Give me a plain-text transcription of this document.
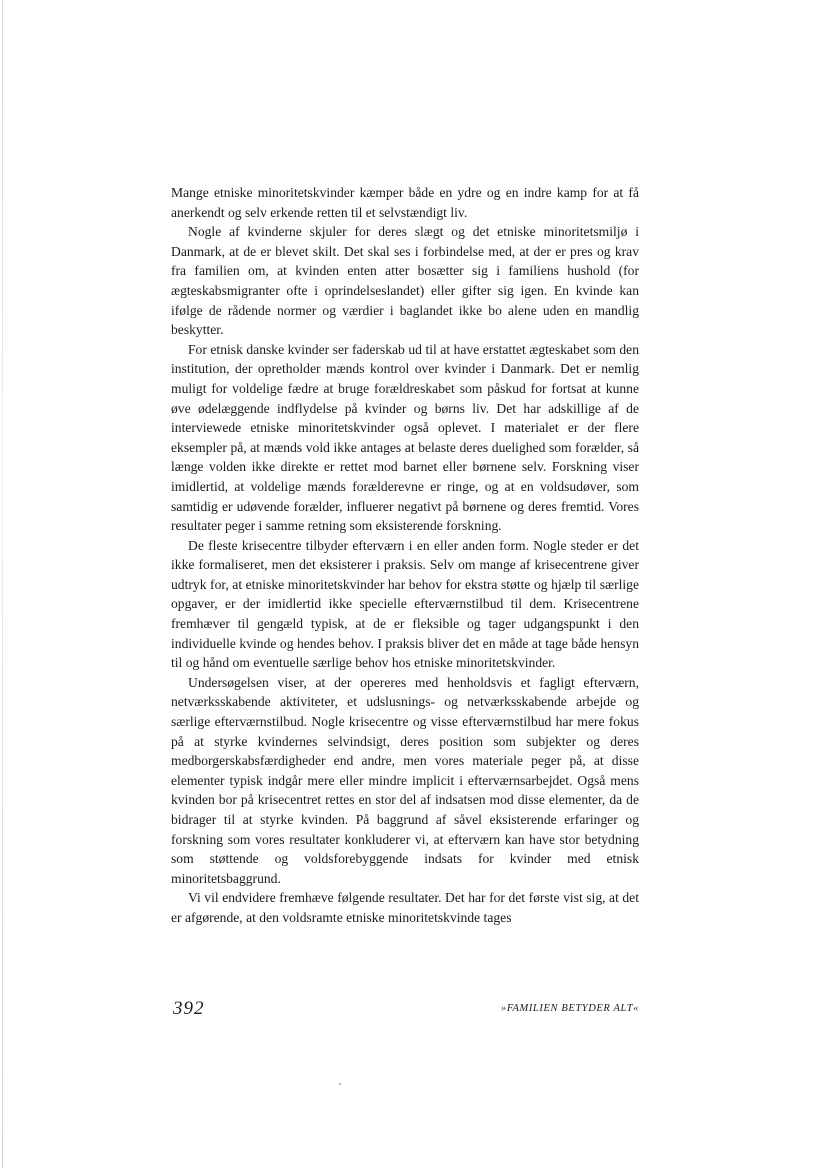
Mange etniske minoritetskvinder kæmper både en ydre og en indre kamp for at få anerkendt og selv erkende retten til et selvstændigt liv.

Nogle af kvinderne skjuler for deres slægt og det etniske minoritetsmiljø i Danmark, at de er blevet skilt. Det skal ses i forbindelse med, at der er pres og krav fra familien om, at kvinden enten atter bosætter sig i familiens hushold (for ægteskabsmigranter ofte i oprindelseslandet) eller gifter sig igen. En kvinde kan ifølge de rådende normer og værdier i baglandet ikke bo alene uden en mandlig beskytter.

For etnisk danske kvinder ser faderskab ud til at have erstattet ægteskabet som den institution, der opretholder mænds kontrol over kvinder i Danmark. Det er nemlig muligt for voldelige fædre at bruge forældreskabet som påskud for fortsat at kunne øve ødelæggende indflydelse på kvinder og børns liv. Det har adskillige af de interviewede etniske minoritetskvinder også oplevet. I materialet er der flere eksempler på, at mænds vold ikke antages at belaste deres duelighed som forælder, så længe volden ikke direkte er rettet mod barnet eller børnene selv. Forskning viser imidlertid, at voldelige mænds forælderevne er ringe, og at en voldsudøver, som samtidig er udøvende forælder, influerer negativt på børnene og deres fremtid. Vores resultater peger i samme retning som eksisterende forskning.

De fleste krisecentre tilbyder efterværn i en eller anden form. Nogle steder er det ikke formaliseret, men det eksisterer i praksis. Selv om mange af krisecentrene giver udtryk for, at etniske minoritetskvinder har behov for ekstra støtte og hjælp til særlige opgaver, er der imidlertid ikke specielle efterværnstilbud til dem. Krisecentrene fremhæver til gengæld typisk, at de er fleksible og tager udgangspunkt i den individuelle kvinde og hendes behov. I praksis bliver det en måde at tage både hensyn til og hånd om eventuelle særlige behov hos etniske minoritetskvinder.

Undersøgelsen viser, at der opereres med henholdsvis et fagligt efterværn, netværksskabende aktiviteter, et udslusnings- og netværksskabende arbejde og særlige efterværnstilbud. Nogle krisecentre og visse efterværnstilbud har mere fokus på at styrke kvindernes selvindsigt, deres position som subjekter og deres medborgerskabsfærdigheder end andre, men vores materiale peger på, at disse elementer typisk indgår mere eller mindre implicit i efterværnsarbejdet. Også mens kvinden bor på krisecentret rettes en stor del af indsatsen mod disse elementer, da de bidrager til at styrke kvinden. På baggrund af såvel eksisterende erfaringer og forskning som vores resultater konkluderer vi, at efterværn kan have stor betydning som støttende og voldsforebyggende indsats for kvinder med etnisk minoritetsbaggrund.

Vi vil endvidere fremhæve følgende resultater. Det har for det første vist sig, at det er afgørende, at den voldsramte etniske minoritetskvinde tages

392	»FAMILIEN BETYDER ALT«
